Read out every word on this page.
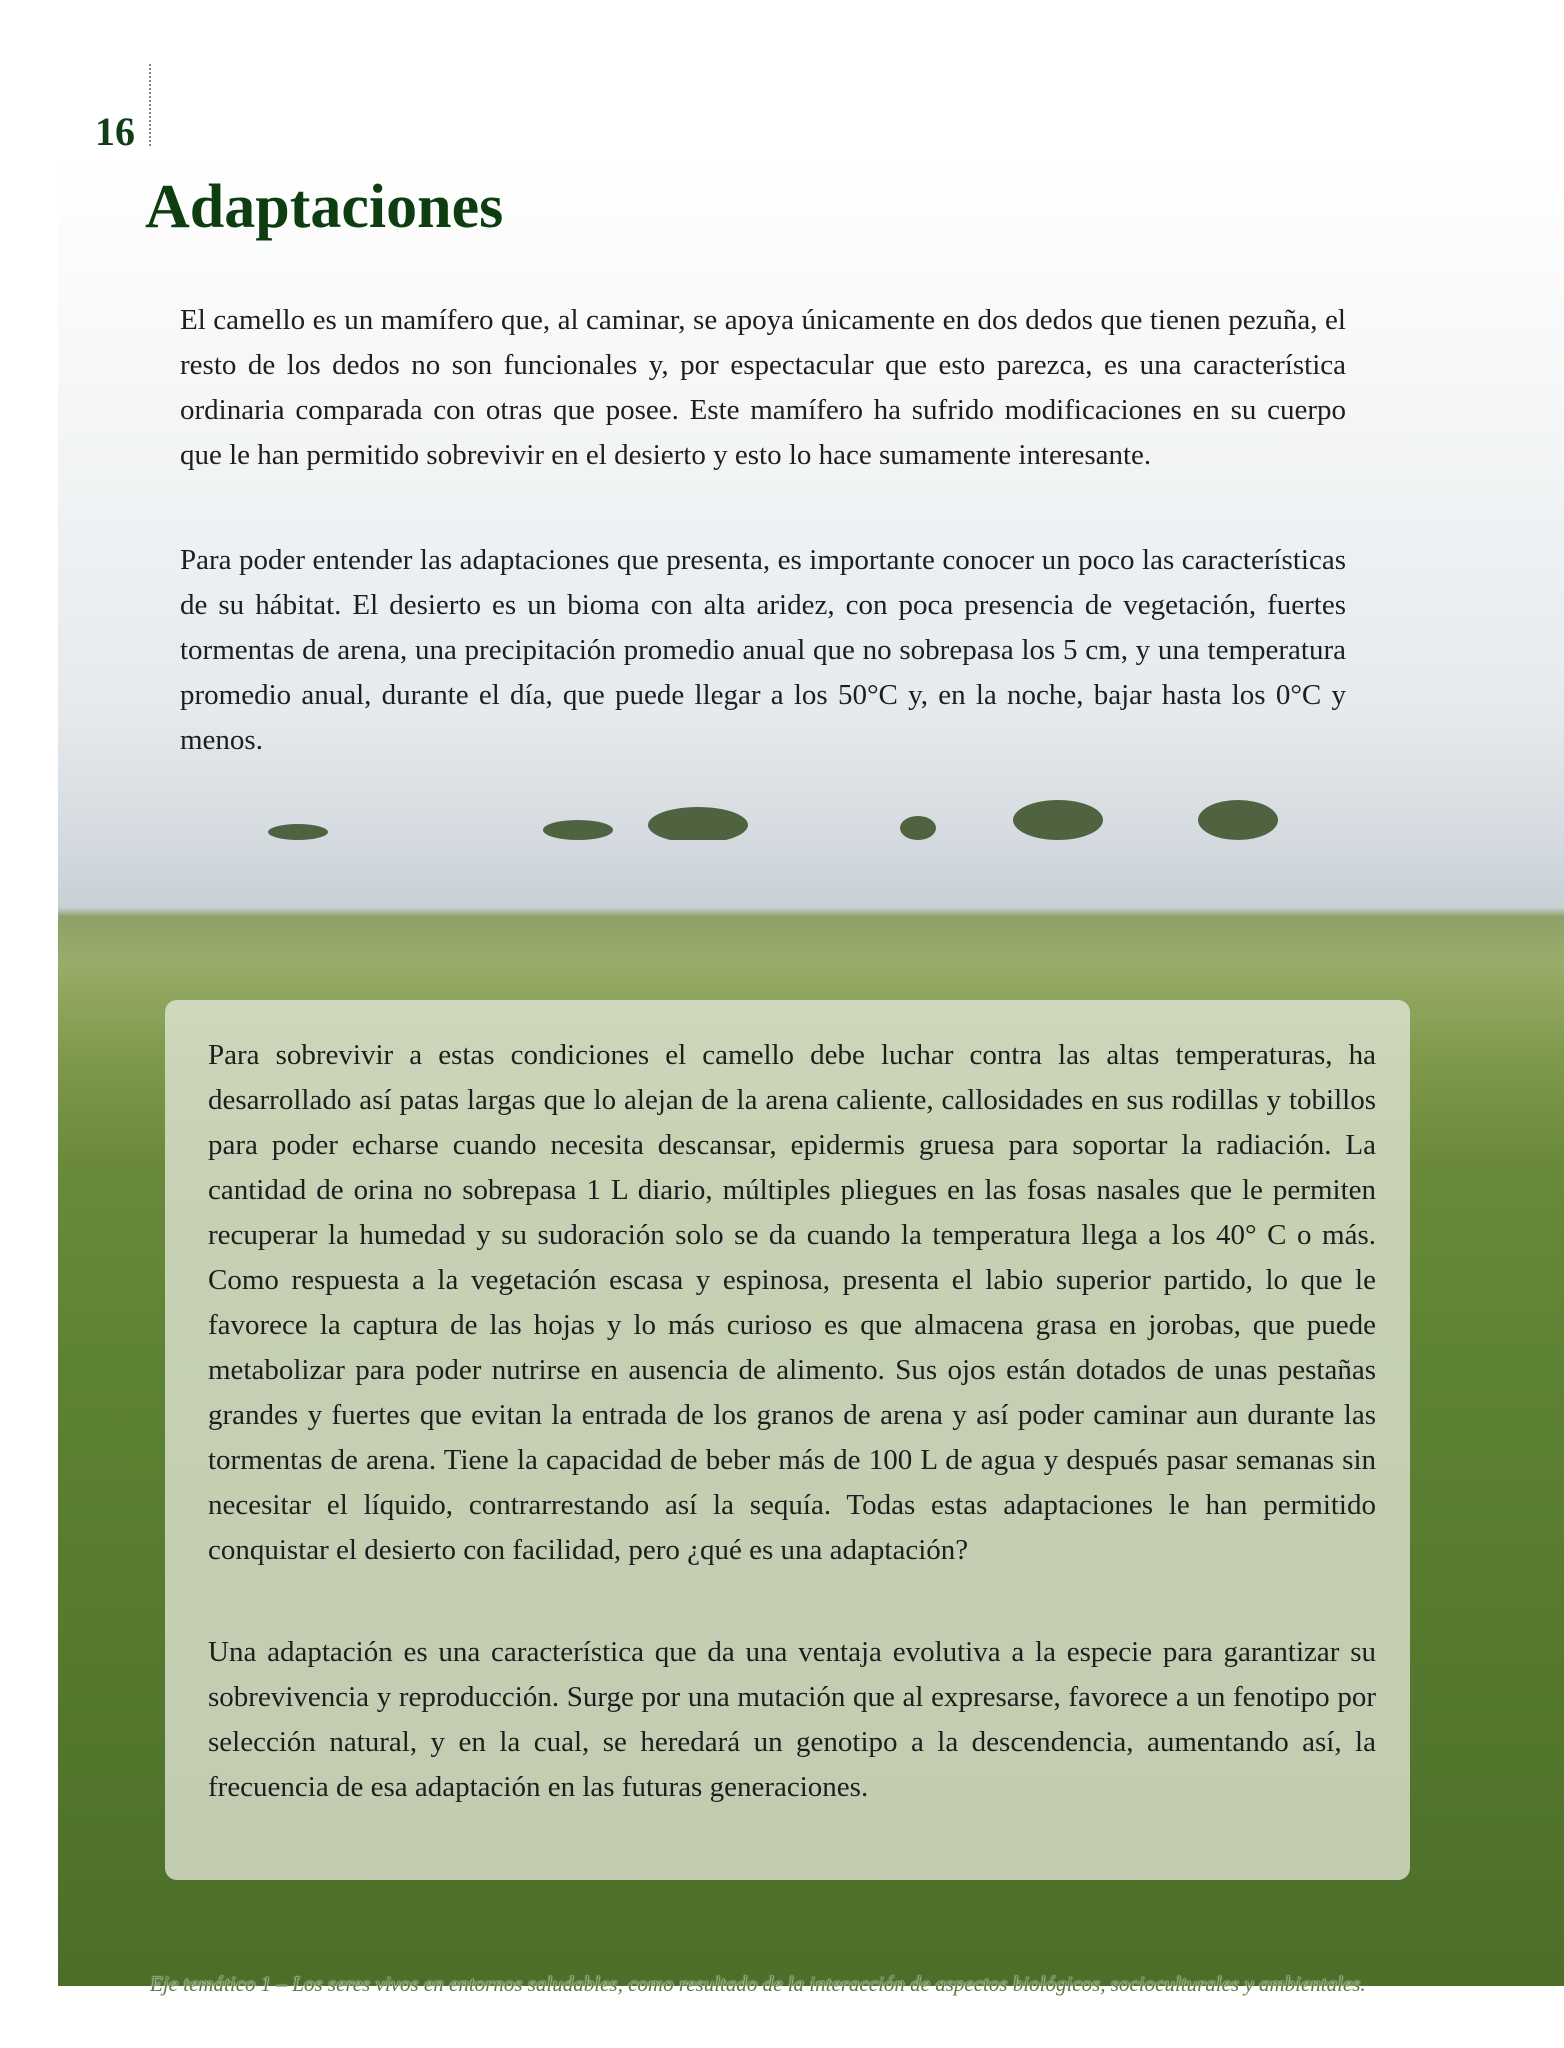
16
Adaptaciones

El camello es un mamífero que, al caminar, se apoya únicamente en dos dedos que tienen pezuña, el resto de los dedos no son funcionales y, por espectacular que esto parezca, es una característica ordinaria comparada con otras que posee. Este mamífero ha sufrido modificaciones en su cuerpo que le han permitido sobrevivir en el desierto y esto lo hace sumamente interesante.

Para poder entender las adaptaciones que presenta, es importante conocer un poco las características de su hábitat. El desierto es un bioma con alta aridez, con poca presencia de vegetación, fuertes tormentas de arena, una precipitación promedio anual que no sobrepasa los 5 cm, y una temperatura promedio anual, durante el día, que puede llegar a los 50°C y, en la noche, bajar hasta los 0°C y menos.

Para sobrevivir a estas condiciones el camello debe luchar contra las altas temperaturas, ha desarrollado así patas largas que lo alejan de la arena caliente, callosidades en sus rodillas y tobillos para poder echarse cuando necesita descansar, epidermis gruesa para soportar la radiación. La cantidad de orina no sobrepasa 1 L diario, múltiples pliegues en las fosas nasales que le permiten recuperar la humedad y su sudoración solo se da cuando la temperatura llega a los 40° C o más. Como respuesta a la vegetación escasa y espinosa, presenta el labio superior partido, lo que le favorece la captura de las hojas y lo más curioso es que almacena grasa en jorobas, que puede metabolizar para poder nutrirse en ausencia de alimento. Sus ojos están dotados de unas pestañas grandes y fuertes que evitan la entrada de los granos de arena y así poder caminar aun durante las tormentas de arena. Tiene la capacidad de beber más de 100 L de agua y después pasar semanas sin necesitar el líquido, contrarrestando así la sequía. Todas estas adaptaciones le han permitido conquistar el desierto con facilidad, pero ¿qué es una adaptación?

Una adaptación es una característica que da una ventaja evolutiva a la especie para garantizar su sobrevivencia y reproducción. Surge por una mutación que al expresarse, favorece a un fenotipo por selección natural, y en la cual, se heredará un genotipo a la descendencia, aumentando así, la frecuencia de esa adaptación en las futuras generaciones.

Eje temático 1 – Los seres vivos en entornos saludables, como resultado de la interacción de aspectos biológicos, socioculturales y ambientales.
